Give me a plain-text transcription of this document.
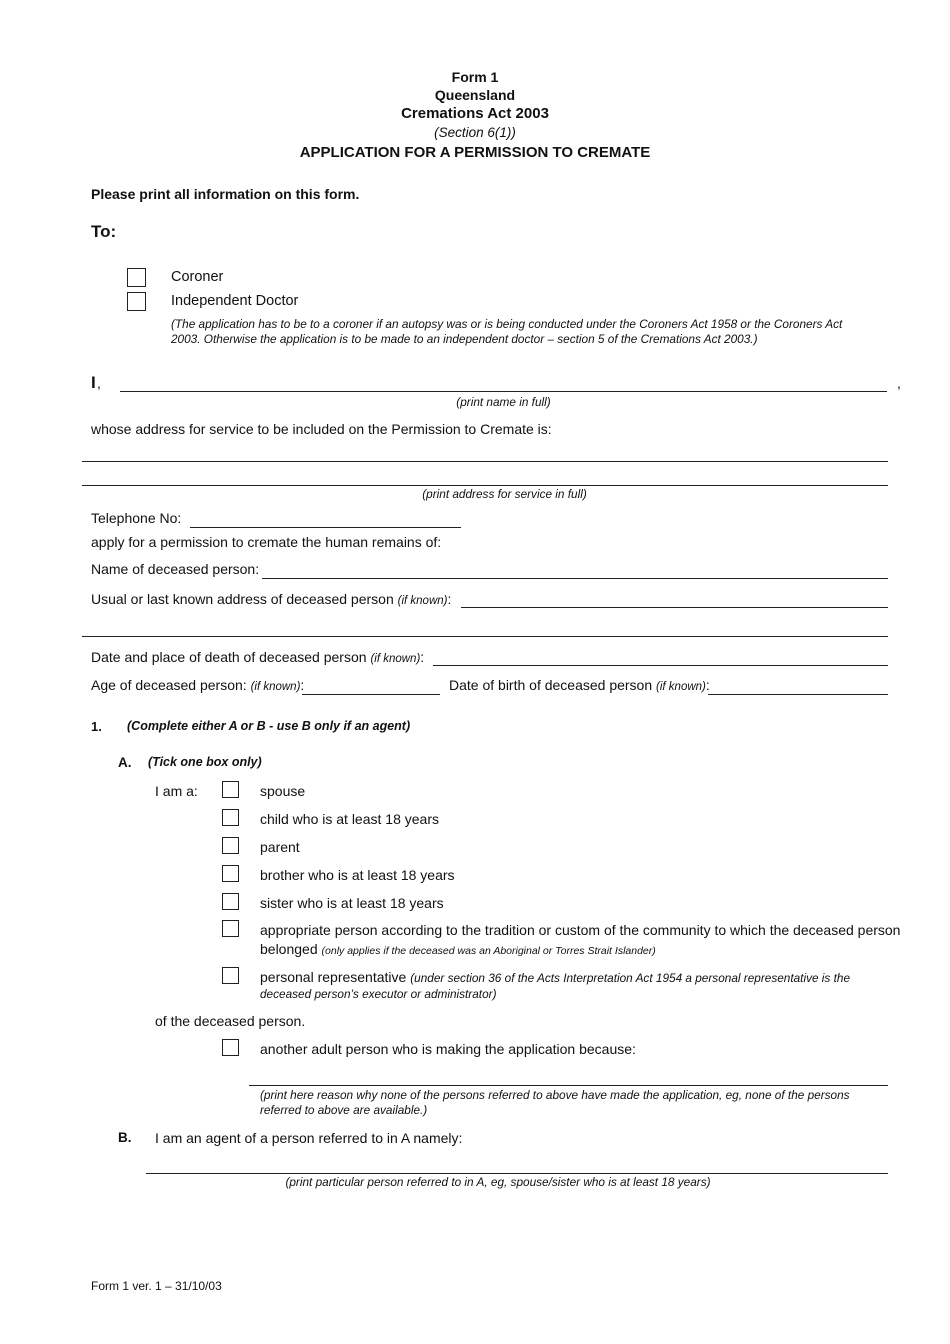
Form 1
Queensland
Cremations Act 2003
(Section 6(1))
APPLICATION FOR A PERMISSION TO CREMATE
Please print all information on this form.
To:
Coroner
Independent Doctor
(The application has to be to a coroner if an autopsy was or is being conducted under the Coroners Act 1958 or the Coroners Act 2003. Otherwise the application is to be made to an independent doctor – section 5 of the Cremations Act 2003.)
I ,	,
(print name in full)
whose address for service to be included on the Permission to Cremate is:
(print address for service in full)
Telephone No:
apply for a permission to cremate the human remains of:
Name of deceased person:
Usual or last known address of deceased person (if known):
Date and place of death of deceased person (if known):
Age of deceased person: (if known):	Date of birth of deceased person (if known):
1. (Complete either A or B - use B only if an agent)
A. (Tick one box only)
I am a:	spouse
child who is at least 18 years
parent
brother who is at least 18 years
sister who is at least 18 years
appropriate person according to the tradition or custom of the community to which the deceased person
belonged (only applies if the deceased was an Aboriginal or Torres Strait Islander)
personal representative (under section 36 of the Acts Interpretation Act 1954 a personal representative is the
deceased person’s executor or administrator)
of the deceased person.
another adult person who is making the application because:
(print here reason why none of the persons referred to above have made the application, eg, none of the persons referred to above are available.)
B. I am an agent of a person referred to in A namely:
(print particular person referred to in A, eg, spouse/sister who is at least 18 years)
Form 1 ver. 1 – 31/10/03
